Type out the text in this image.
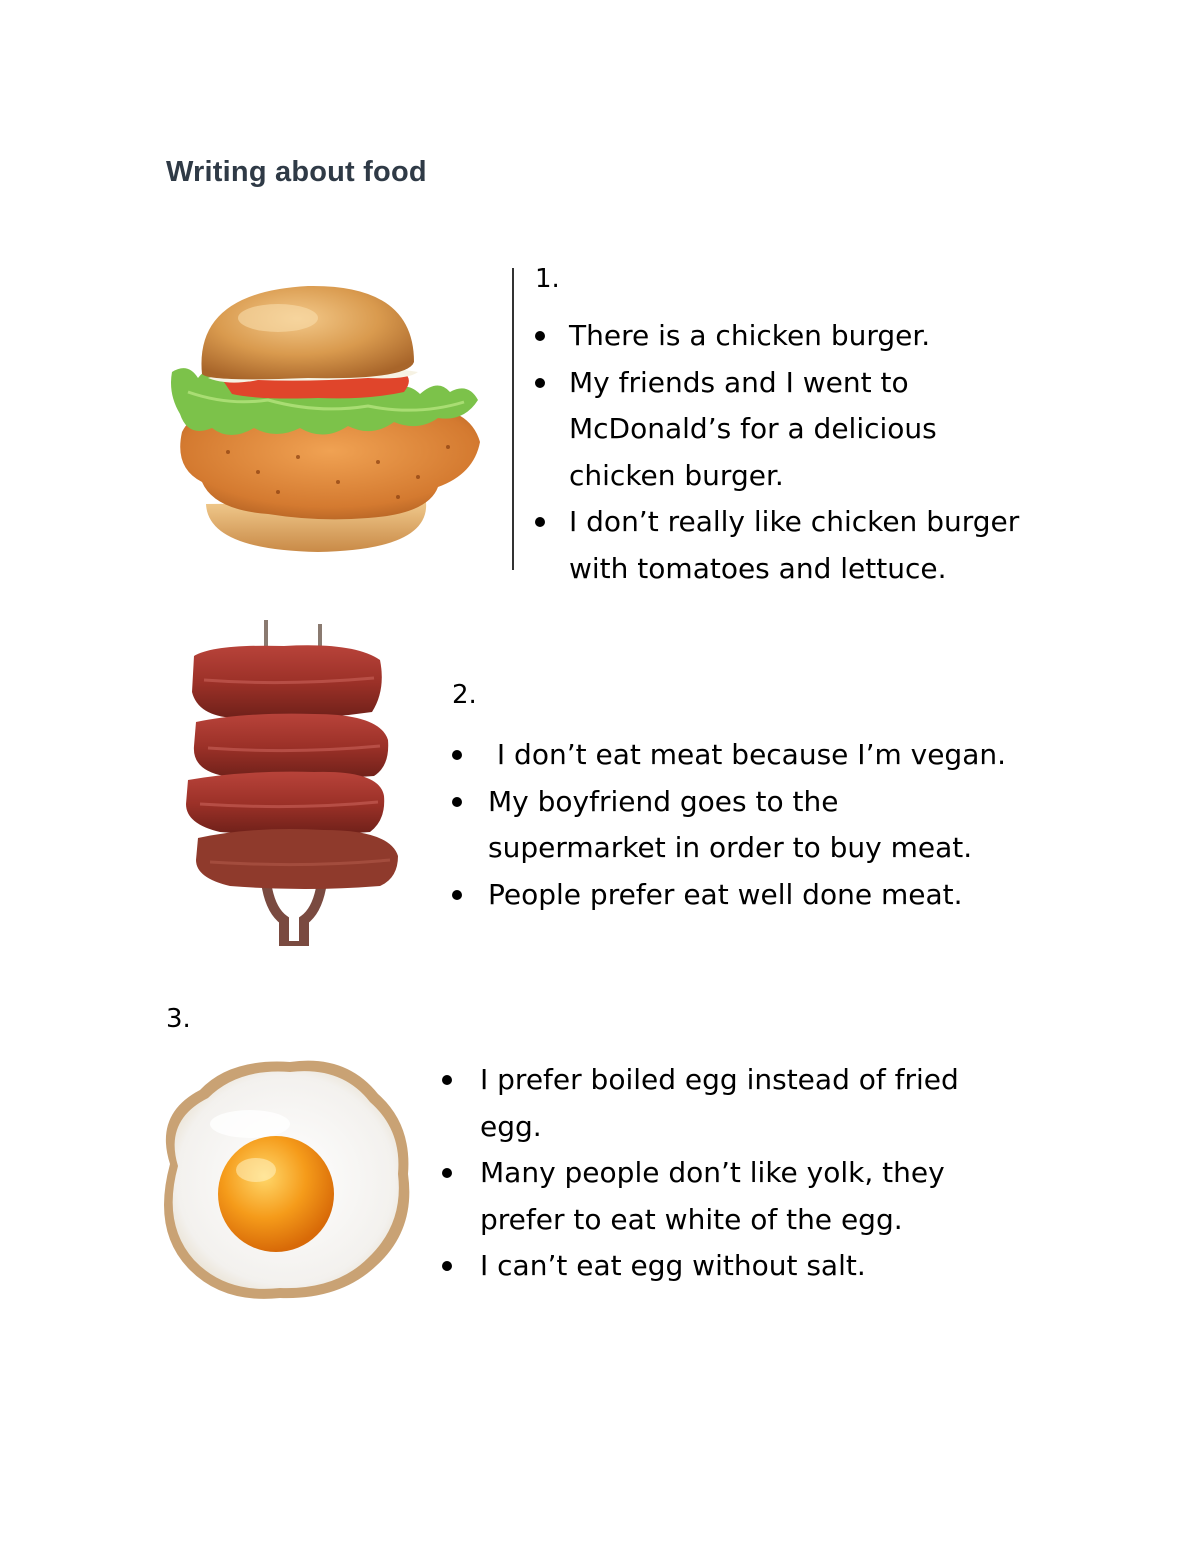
Writing about food
1.
There is a chicken burger.
My friends and I went to McDonald’s for a delicious chicken burger.
I don’t really like chicken burger with tomatoes and lettuce.
2.
I don’t eat meat because I’m vegan.
My boyfriend goes to the supermarket in order to buy meat.
People prefer eat well done meat.
3.
I prefer boiled egg instead of fried egg.
Many people don’t like yolk, they prefer to eat white of the egg.
I can’t eat egg without salt.
